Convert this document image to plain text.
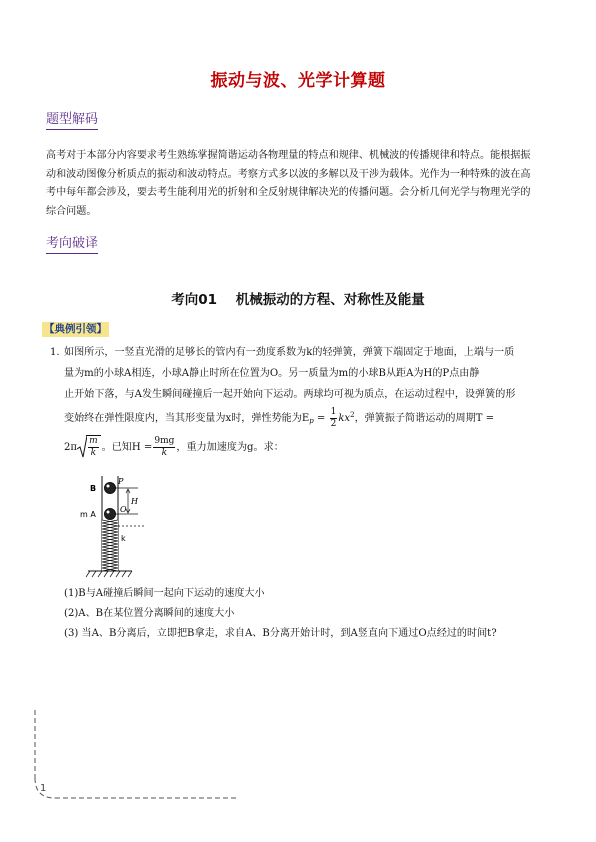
振动与波、光学计算题
题型解码
高考对于本部分内容要求考生熟练掌握简谐运动各物理量的特点和规律、机械波的传播规律和特点。能根据振
动和波动图像分析质点的振动和波动特点。考察方式多以波的多解以及干涉为载体。光作为一种特殊的波在高
考中每年都会涉及，要去考生能利用光的折射和全反射规律解决光的传播问题。会分析几何光学与物理光学的
综合问题。
考向破译
考向01    机械振动的方程、对称性及能量
【典例引领】
1. 如图所示，一竖直光滑的足够长的管内有一劲度系数为k的轻弹簧，弹簧下端固定于地面，上端与一质
量为m的小球A相连，小球A静止时所在位置为O。另一质量为m的小球B从距A为H的P点由静
止开始下落，与A发生瞬间碰撞后一起开始向下运动。两球均可视为质点，在运动过程中，设弹簧的形
变始终在弹性限度内，当其形变量为x时，弹性势能为$E_p = \frac{1}{2} kx^2$，弹簧振子简谐运动的周期T =
$2\pi \frac{m}{k}$ 。已知$H = \frac{9mg}{k}$ ，重力加速度为g。求：
B
P
H
m A
O
k
(1)B与A碰撞后瞬间一起向下运动的速度大小
(2)A、B在某位置分离瞬间的速度大小
(3) 当A、B分离后，立即把B拿走，求自A、B分离开始计时，到A竖直向下通过O点经过的时间t?
1
